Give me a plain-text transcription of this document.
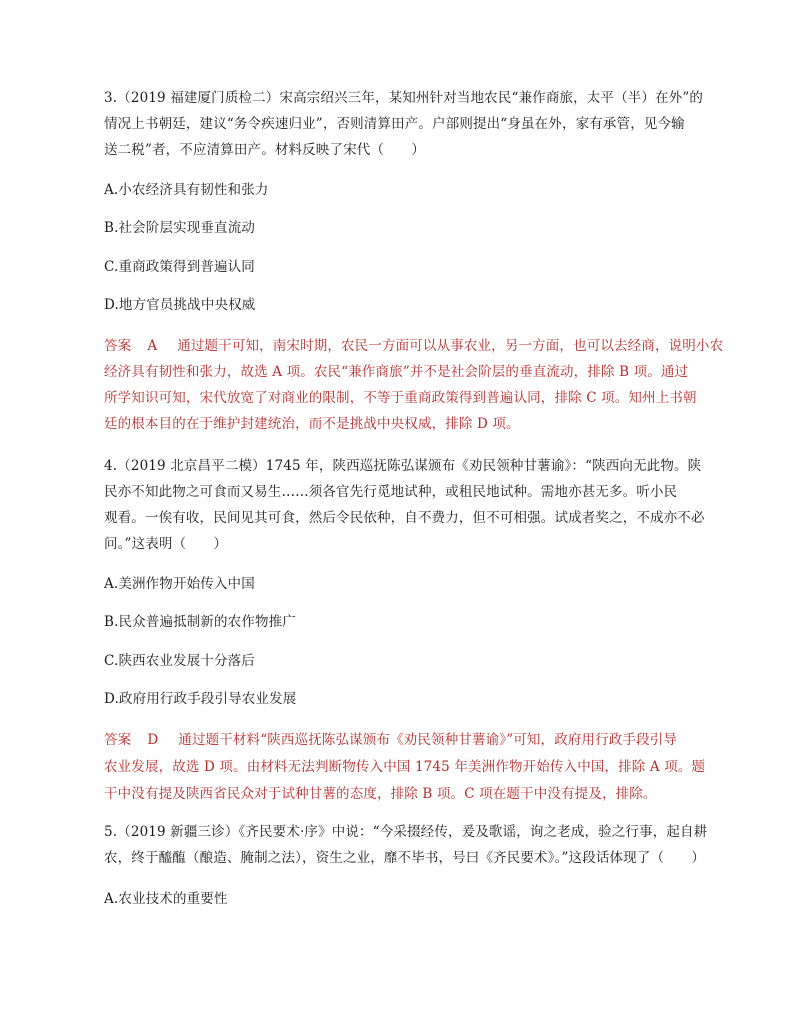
3.（2019 福建厦门质检二）宋高宗绍兴三年，某知州针对当地农民“兼作商旅，太平（半）在外”的
情况上书朝廷，建议“务令疾速归业”，否则清算田产。户部则提出“身虽在外，家有承管，见今输
送二税”者，不应清算田产。材料反映了宋代（　　）
A.小农经济具有韧性和张力
B.社会阶层实现垂直流动
C.重商政策得到普遍认同
D.地方官员挑战中央权威
答案 A 通过题干可知，南宋时期，农民一方面可以从事农业，另一方面，也可以去经商，说明小农
经济具有韧性和张力，故选 A 项。农民“兼作商旅”并不是社会阶层的垂直流动，排除 B 项。通过
所学知识可知，宋代放宽了对商业的限制，不等于重商政策得到普遍认同，排除 C 项。知州上书朝
廷的根本目的在于维护封建统治，而不是挑战中央权威，排除 D 项。
4.（2019 北京昌平二模）1745 年，陕西巡抚陈弘谋颁布《劝民领种甘薯谕》：“陕西向无此物。陕
民亦不知此物之可食而又易生……须各官先行觅地试种，或租民地试种。需地亦甚无多。听小民
观看。一俟有收，民间见其可食，然后令民依种，自不费力，但不可相强。试成者奖之，不成亦不必
问。”这表明（　　）
A.美洲作物开始传入中国
B.民众普遍抵制新的农作物推广
C.陕西农业发展十分落后
D.政府用行政手段引导农业发展
答案 D 通过题干材料“陕西巡抚陈弘谋颁布《劝民领种甘薯谕》”可知，政府用行政手段引导
农业发展，故选 D 项。由材料无法判断物传入中国 1745 年美洲作物开始传入中国，排除 A 项。题
干中没有提及陕西省民众对于试种甘薯的态度，排除 B 项。C 项在题干中没有提及，排除。
5.（2019 新疆三诊）《齐民要术·序》中说：“今采掇经传，爰及歌谣，询之老成，验之行事，起自耕
农，终于醯醢（酿造、腌制之法），资生之业，靡不毕书，号曰《齐民要术》。”这段话体现了（　　）
A.农业技术的重要性
